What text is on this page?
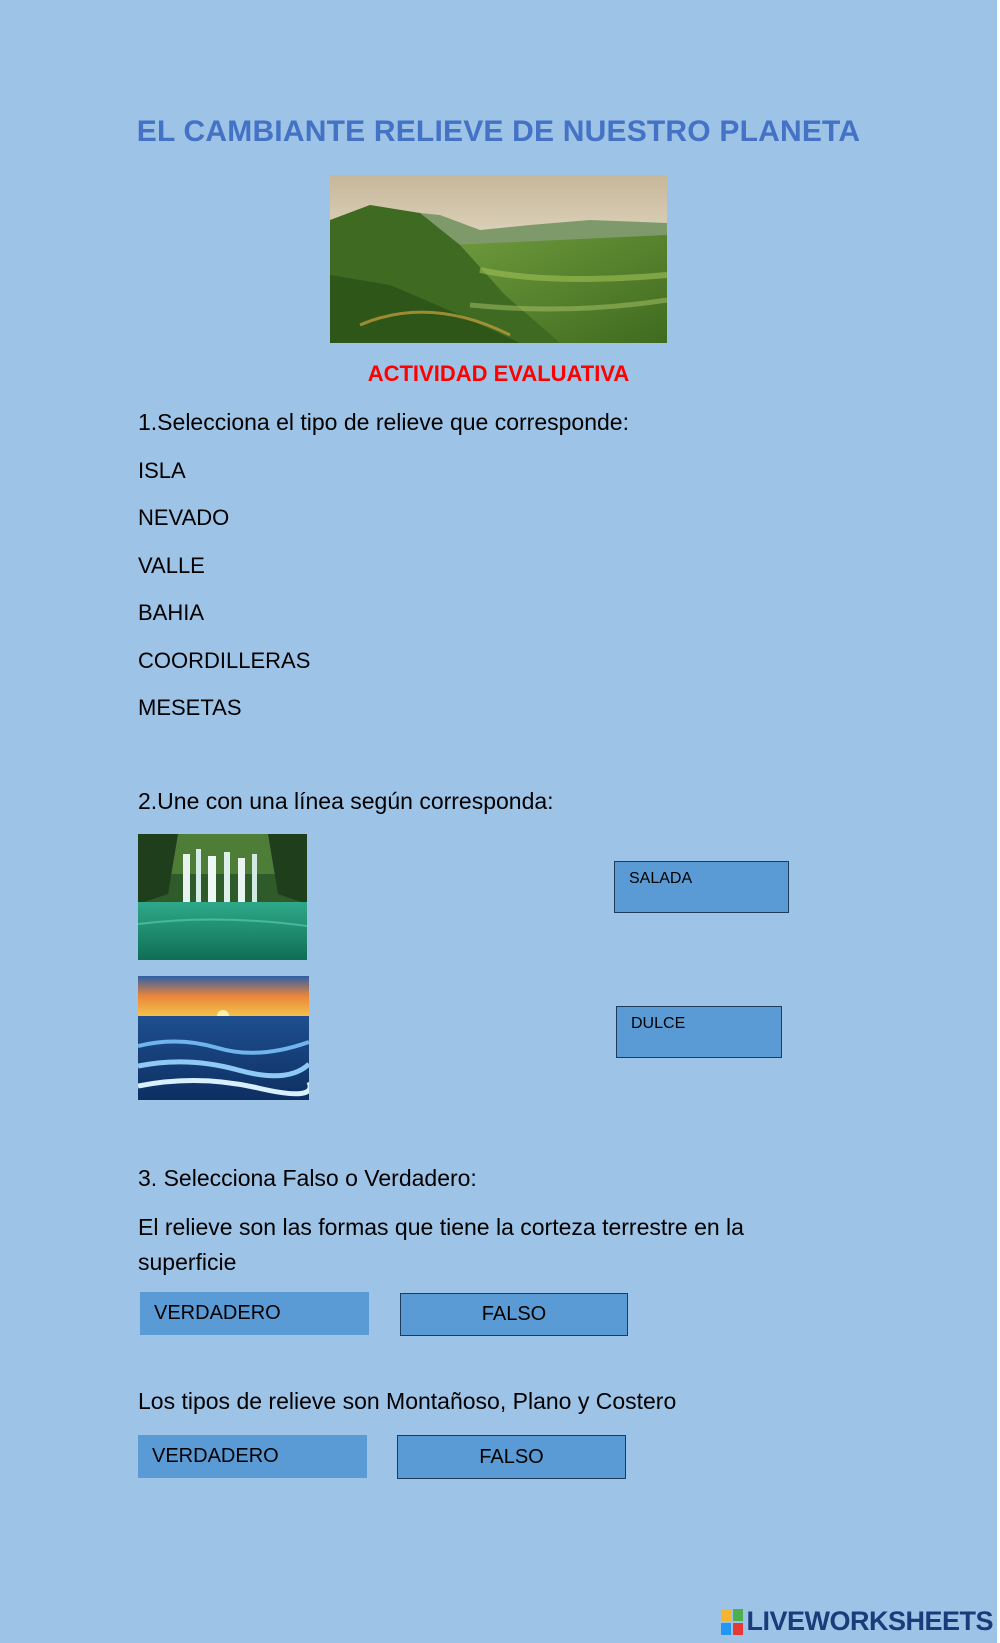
EL CAMBIANTE RELIEVE DE NUESTRO PLANETA
ACTIVIDAD EVALUATIVA
1.Selecciona el tipo de relieve que corresponde:
ISLA
NEVADO
VALLE
BAHIA
COORDILLERAS
MESETAS
2.Une con una línea según corresponda:
SALADA
DULCE
3. Selecciona Falso o Verdadero:
El relieve son las formas que tiene la corteza terrestre en la superficie
VERDADERO	FALSO
Los tipos de relieve son Montañoso, Plano y Costero
VERDADERO	FALSO
LIVEWORKSHEETS
